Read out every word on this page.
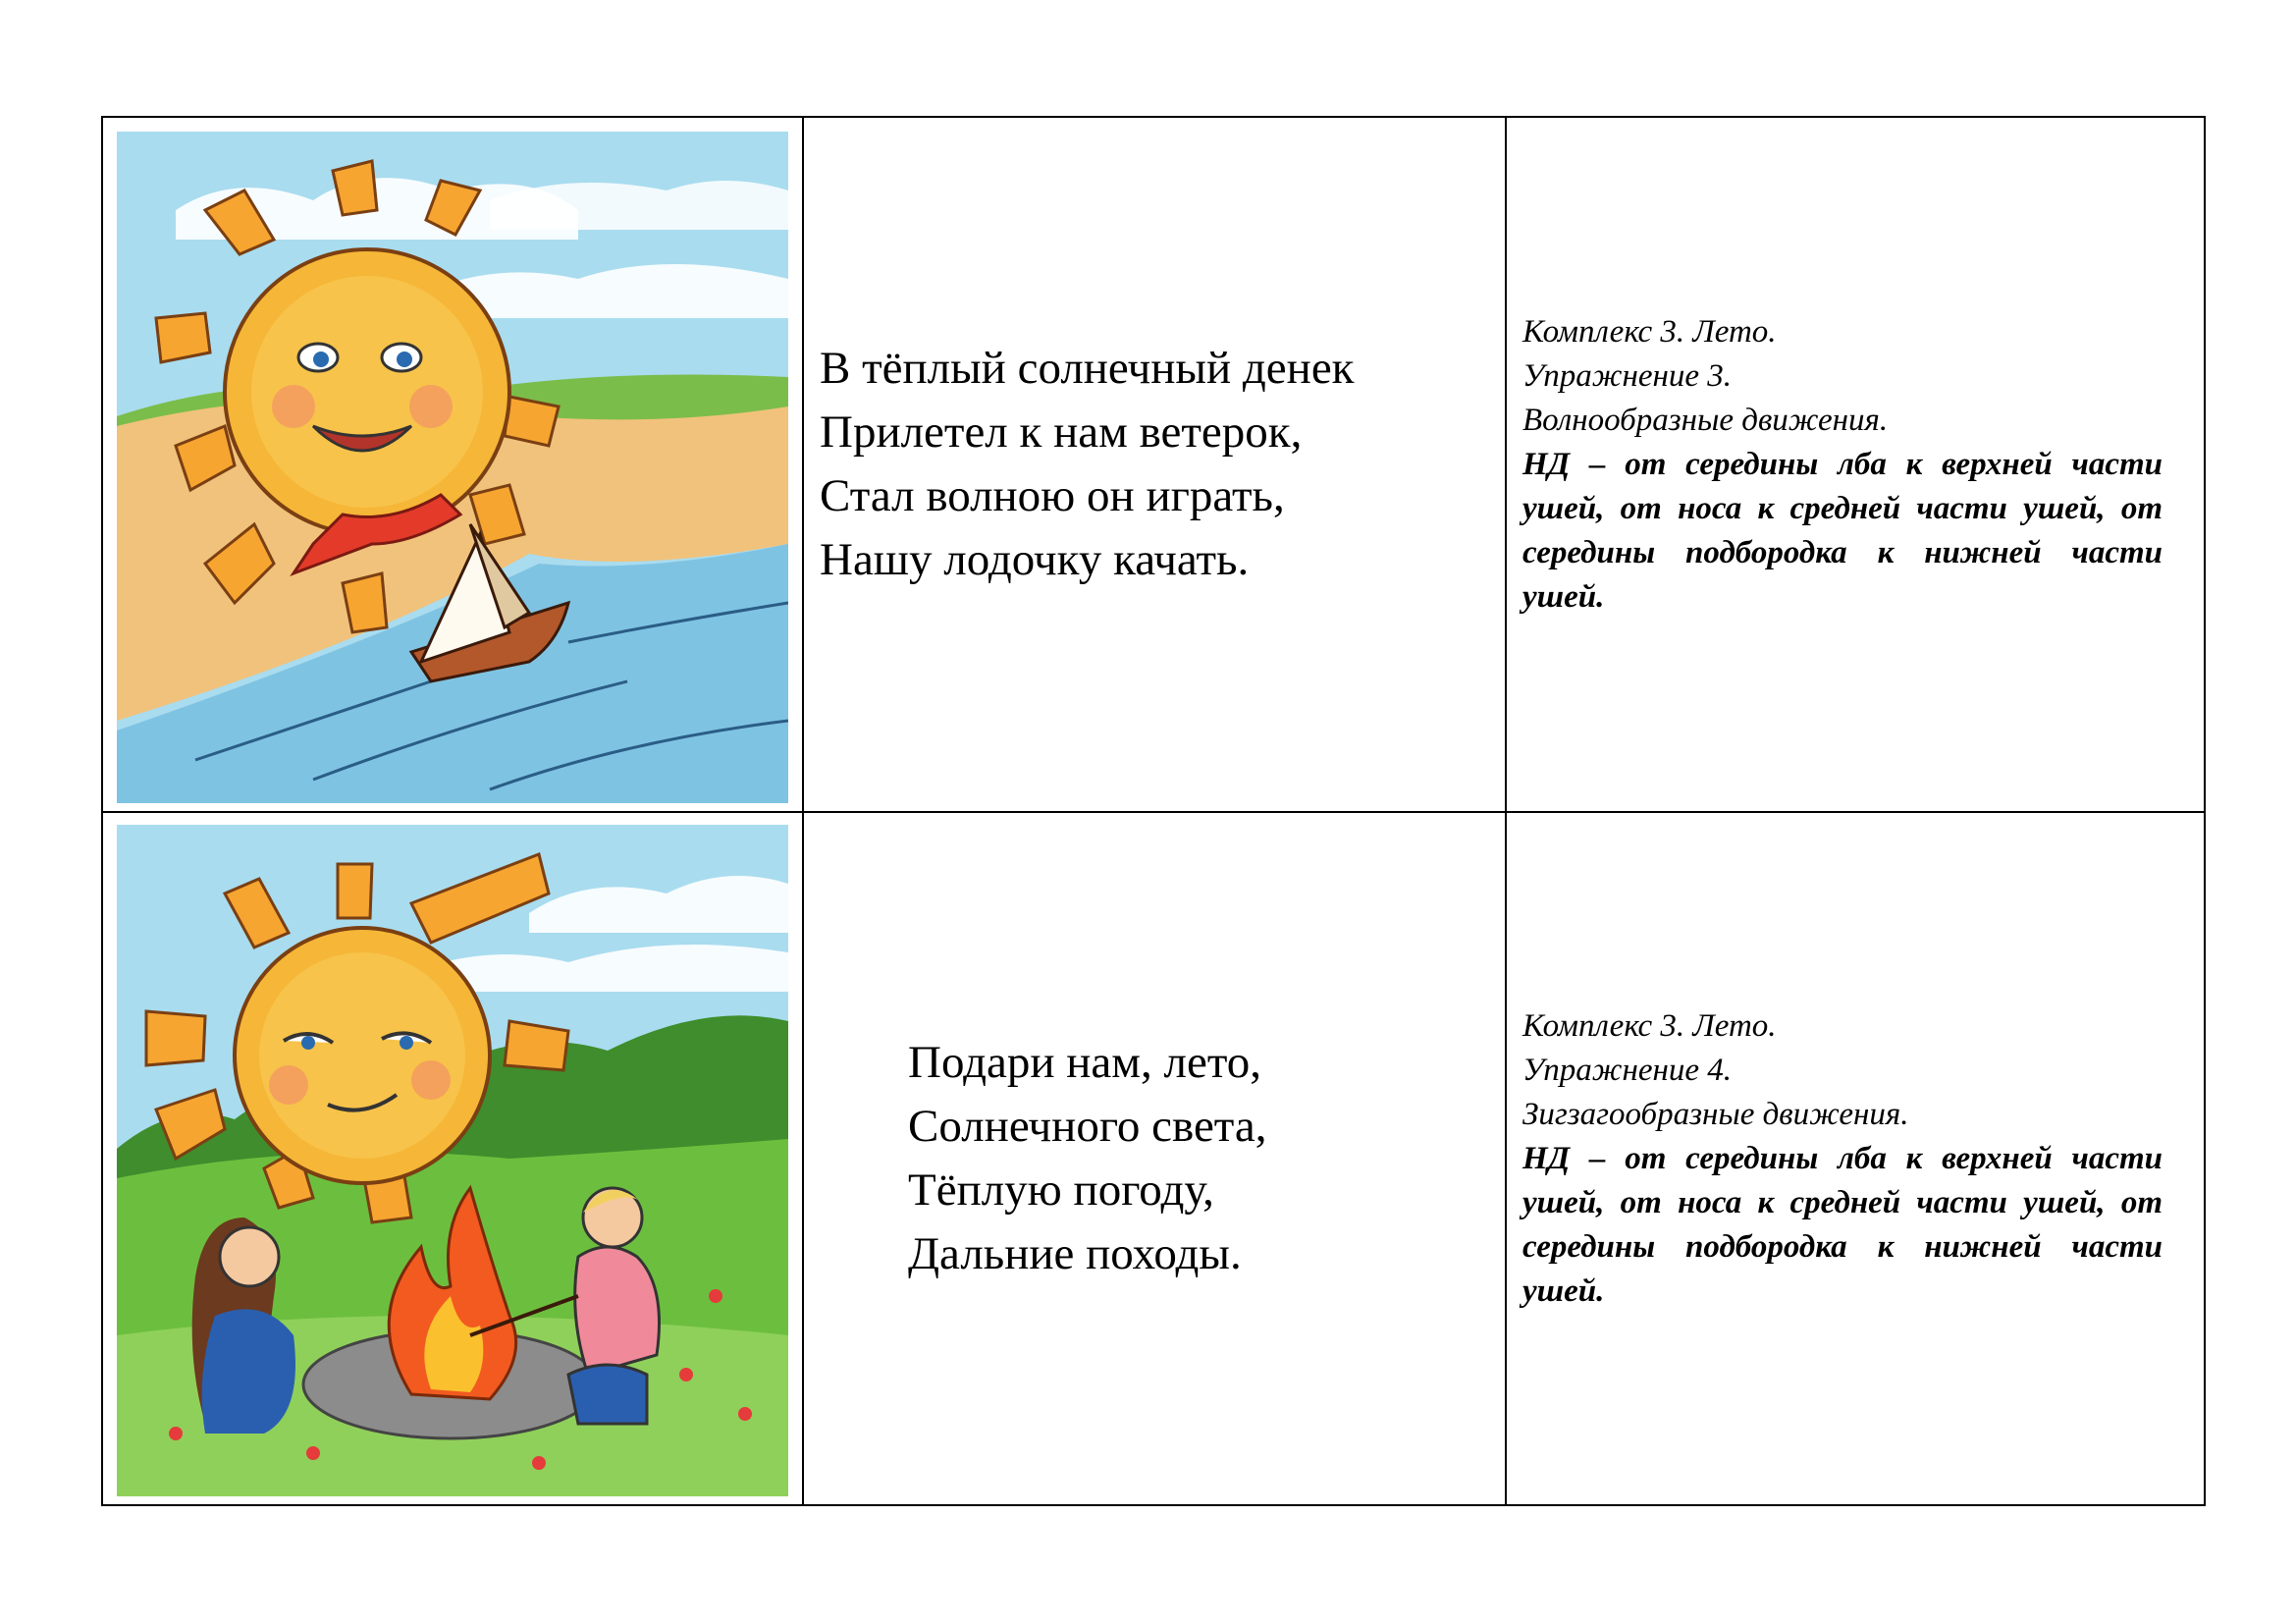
В тёплый солнечный денек
Прилетел к нам ветерок,
Стал волною он играть,
Нашу лодочку качать.
Комплекс 3. Лето.
Упражнение 3.
Волнообразные движения.
НД – от середины лба к верхней части ушей, от носа к средней части ушей, от середины подбородка к нижней части ушей.
Подари нам, лето,
Солнечного света,
Тёплую погоду,
Дальние походы.
Комплекс 3. Лето.
Упражнение 4.
Зигзагообразные движения.
НД – от середины лба к верхней части ушей, от носа к средней части ушей, от середины подбородка к нижней части ушей.
